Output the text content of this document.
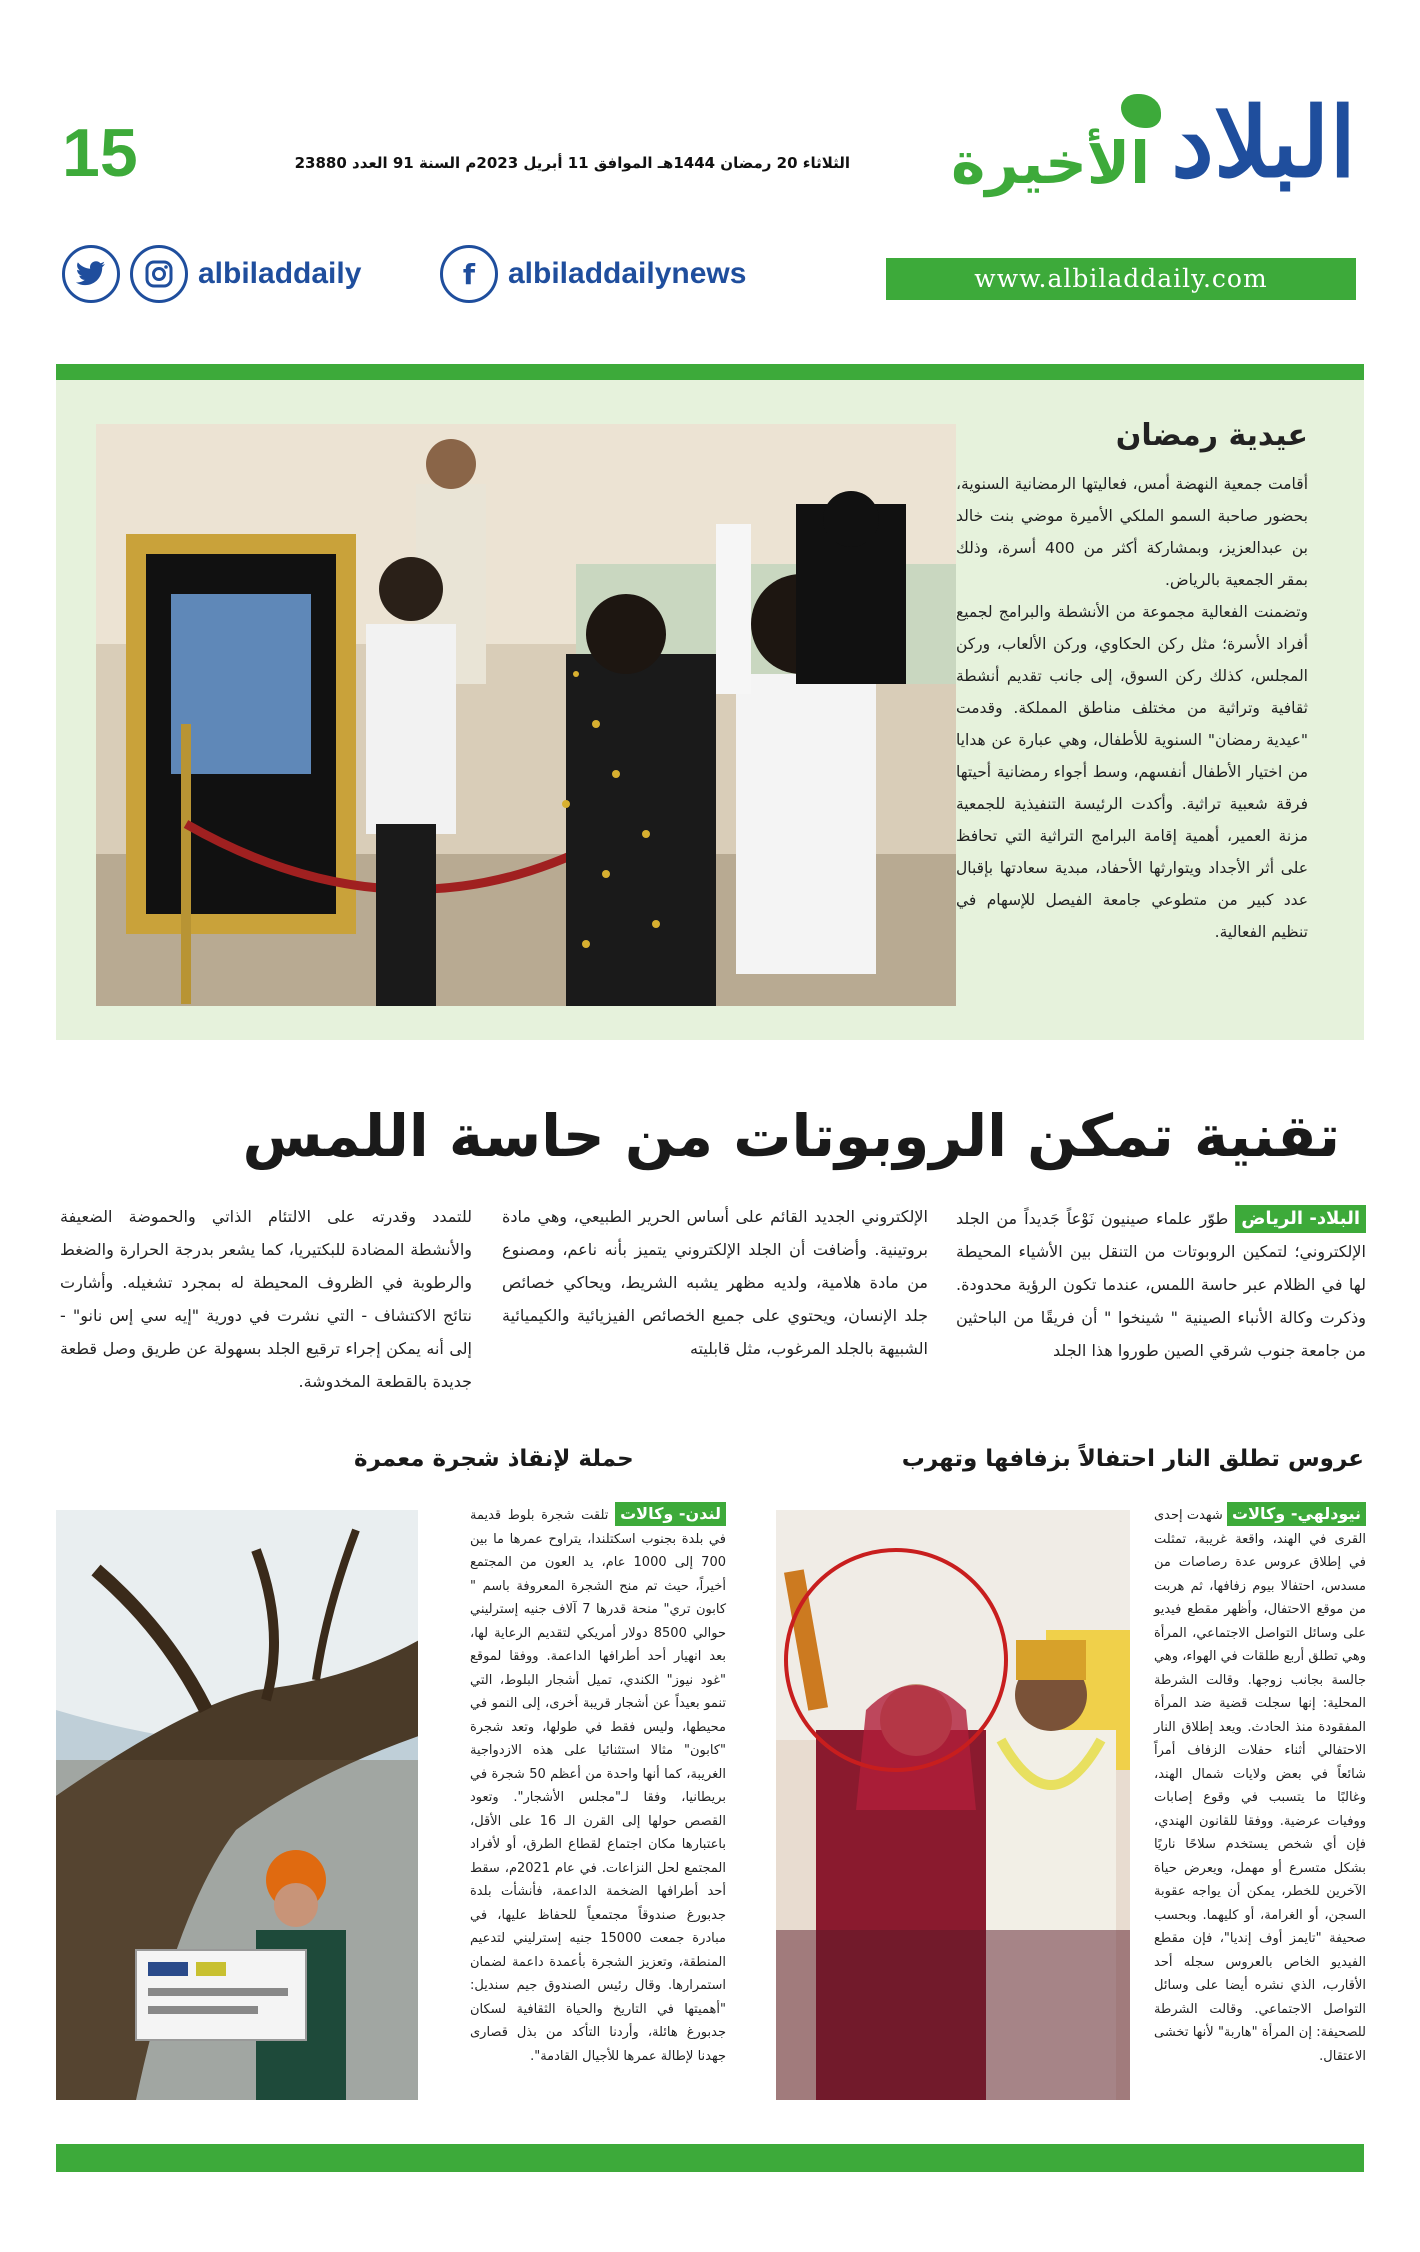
البلاد
الأخيرة
الثلاثاء 20 رمضان 1444هـ الموافق 11 أبريل 2023م السنة 91 العدد 23880
15
www.albiladdaily.com
f	albiladdailynews
albiladdaily
عيدية رمضان

أقامت جمعية النهضة أمس، فعاليتها الرمضانية السنوية، بحضور صاحبة السمو الملكي الأميرة موضي بنت خالد بن عبدالعزيز، وبمشاركة أكثر من 400 أسرة، وذلك بمقر الجمعية بالرياض.

وتضمنت الفعالية مجموعة من الأنشطة والبرامج لجميع أفراد الأسرة؛ مثل ركن الحكاوي، وركن الألعاب، وركن المجلس، كذلك ركن السوق، إلى جانب تقديم أنشطة ثقافية وتراثية من مختلف مناطق المملكة. وقدمت "عيدية رمضان" السنوية للأطفال، وهي عبارة عن هدايا من اختيار الأطفال أنفسهم، وسط أجواء رمضانية أحيتها فرقة شعبية تراثية. وأكدت الرئيسة التنفيذية للجمعية مزنة العمير، أهمية إقامة البرامج التراثية التي تحافظ على أثر الأجداد ويتوارثها الأحفاد، مبدية سعادتها بإقبال عدد كبير من متطوعي جامعة الفيصل للإسهام في تنظيم الفعالية.

تقنية تمكن الروبوتات من حاسة اللمس
البلاد- الرياض طوّر علماء صينيون نَوْعاً جَديداً من الجلد الإلكتروني؛ لتمكين الروبوتات من التنقل بين الأشياء المحيطة لها في الظلام عبر حاسة اللمس، عندما تكون الرؤية محدودة. وذكرت وكالة الأنباء الصينية " شينخوا " أن فريقًا من الباحثين من جامعة جنوب شرقي الصين طوروا هذا الجلد
الإلكتروني الجديد القائم على أساس الحرير الطبيعي، وهي مادة بروتينية. وأضافت أن الجلد الإلكتروني يتميز بأنه ناعم، ومصنوع من مادة هلامية، ولديه مظهر يشبه الشريط، ويحاكي خصائص جلد الإنسان، ويحتوي على جميع الخصائص الفيزيائية والكيميائية الشبيهة بالجلد المرغوب، مثل قابليته
للتمدد وقدرته على الالتئام الذاتي والحموضة الضعيفة والأنشطة المضادة للبكتيريا، كما يشعر بدرجة الحرارة والضغط والرطوبة في الظروف المحيطة له بمجرد تشغيله. وأشارت نتائج الاكتشاف - التي نشرت في دورية "إيه سي إس نانو" - إلى أنه يمكن إجراء ترقيع الجلد بسهولة عن طريق وصل قطعة جديدة بالقطعة المخدوشة.
عروس تطلق النار احتفالاً بزفافها وتهرب
نيودلهي- وكالات شهدت إحدى القرى في الهند، واقعة غريبة، تمثلت في إطلاق عروس عدة رصاصات من مسدس، احتفالا بيوم زفافها، ثم هربت من موقع الاحتفال، وأظهر مقطع فيديو على وسائل التواصل الاجتماعي، المرأة وهي تطلق أربع طلقات في الهواء، وهي جالسة بجانب زوجها. وقالت الشرطة المحلية: إنها سجلت قضية ضد المرأة المفقودة منذ الحادث. ويعد إطلاق النار الاحتفالي أثناء حفلات الزفاف أمراً شائعاً في بعض ولايات شمال الهند، وغالبًا ما يتسبب في وقوع إصابات ووفيات عرضية. ووفقا للقانون الهندي، فإن أي شخص يستخدم سلاحًا ناريًا بشكل متسرع أو مهمل، ويعرض حياة الآخرين للخطر، يمكن أن يواجه عقوبة السجن، أو الغرامة، أو كليهما. وبحسب صحيفة "تايمز أوف إنديا"، فإن مقطع الفيديو الخاص بالعروس سجله أحد الأقارب، الذي نشره أيضا على وسائل التواصل الاجتماعي. وقالت الشرطة للصحيفة: إن المرأة "هاربة" لأنها تخشى الاعتقال.
حملة لإنقاذ شجرة معمرة
لندن- وكالات تلقت شجرة بلوط قديمة في بلدة بجنوب اسكتلندا، يتراوح عمرها ما بين 700 إلى 1000 عام، يد العون من المجتمع أخيراً، حيث تم منح الشجرة المعروفة باسم " كابون تري" منحة قدرها 7 آلاف جنيه إسترليني حوالي 8500 دولار أمريكي لتقديم الرعاية لها، بعد انهيار أحد أطرافها الداعمة. ووفقا لموقع "غود نيوز" الكندي، تميل أشجار البلوط، التي تنمو بعيداً عن أشجار قريبة أخرى، إلى النمو في محيطها، وليس فقط في طولها، وتعد شجرة "كابون" مثالا استثنائيا على هذه الازدواجية الغريبة، كما أنها واحدة من أعظم 50 شجرة في بريطانيا، وفقا لـ"مجلس الأشجار". وتعود القصص حولها إلى القرن الـ 16 على الأقل، باعتبارها مكان اجتماع لقطاع الطرق، أو لأفراد المجتمع لحل النزاعات. في عام 2021م، سقط أحد أطرافها الضخمة الداعمة، فأنشأت بلدة جدبورغ صندوقاً مجتمعياً للحفاظ عليها، في مبادرة جمعت 15000 جنيه إسترليني لتدعيم المنطقة، وتعزيز الشجرة بأعمدة داعمة لضمان استمرارها. وقال رئيس الصندوق جيم سنديل: "أهميتها في التاريخ والحياة الثقافية لسكان جدبورغ هائلة، وأردنا التأكد من بذل قصارى جهدنا لإطالة عمرها للأجيال القادمة".
